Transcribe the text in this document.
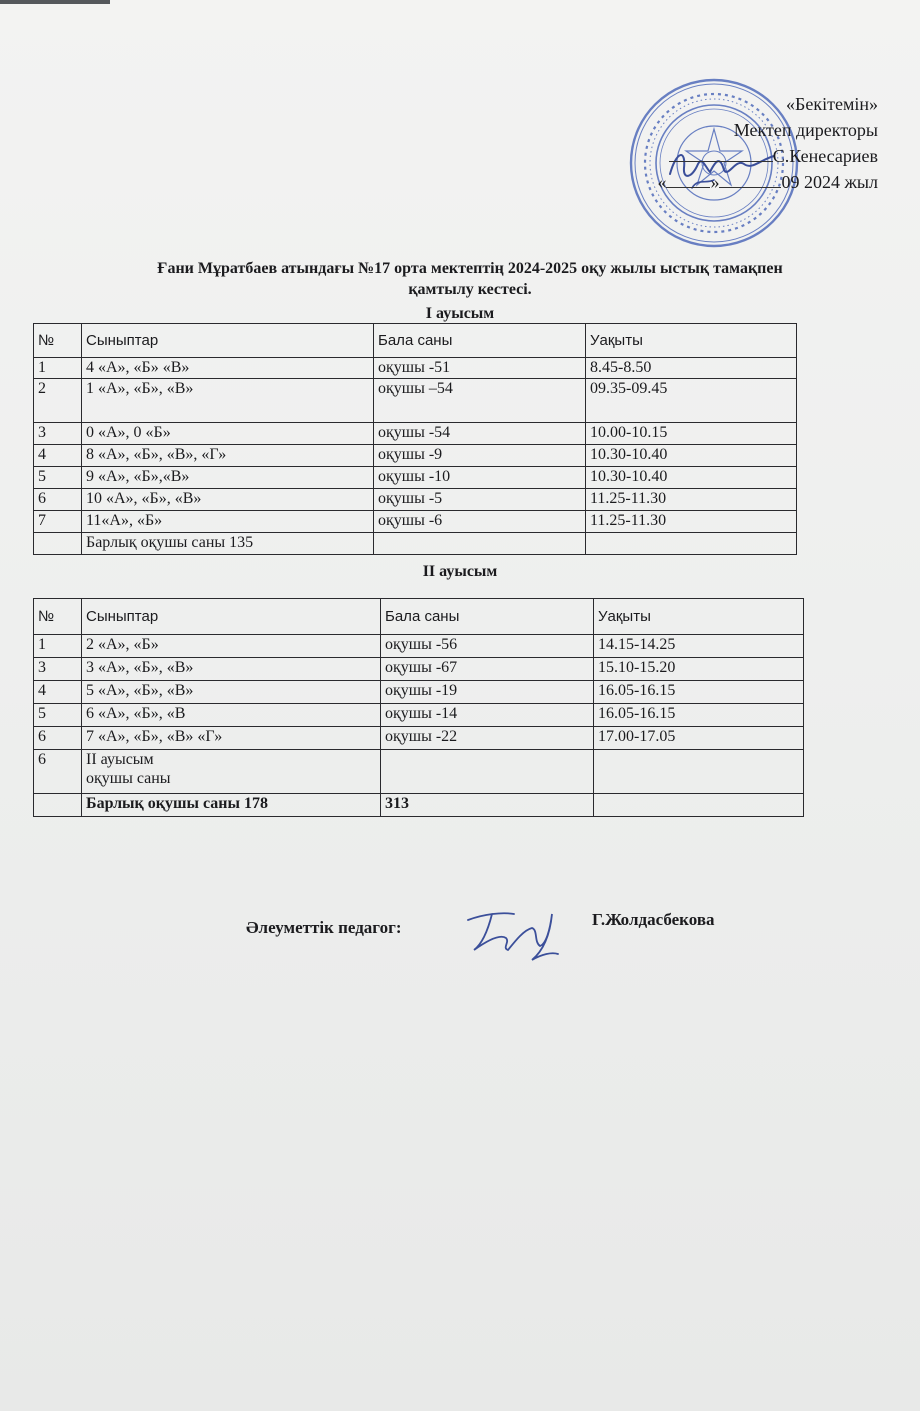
«Бекітемін»
Мектеп директоры
С.Кенесариев
« »	09 2024 жыл
Ғани Мұратбаев атындағы №17 орта мектептің 2024-2025 оқу жылы ыстық тамақпен
қамтылу кестесі.
I ауысым
№	Сыныптар	Бала саны	Уақыты
1	4 «А», «Б» «В»	оқушы -51	8.45-8.50
2	1 «А», «Б», «В»	оқушы –54	09.35-09.45
3	0 «А», 0 «Б»	оқушы -54	10.00-10.15
4	8 «А», «Б», «В», «Г»	оқушы -9	10.30-10.40
5	9 «А», «Б»,«В»	оқушы -10	10.30-10.40
6	10 «А», «Б», «В»	оқушы -5	11.25-11.30
7	11«А», «Б»	оқушы -6	11.25-11.30
	Барлық оқушы саны 135		
II ауысым
№	Сыныптар	Бала саны	Уақыты
1	2 «А», «Б»	оқушы -56	14.15-14.25
3	3 «А», «Б», «В»	оқушы -67	15.10-15.20
4	5 «А», «Б», «В»	оқушы -19	16.05-16.15
5	6 «А», «Б», «В	оқушы -14	16.05-16.15
6	7 «А», «Б», «В» «Г»	оқушы -22	17.00-17.05
6	II ауысым
оқушы саны		

	Барлық оқушы саны 178	313	
Әлеуметтік педагог:	Г.Жолдасбекова
